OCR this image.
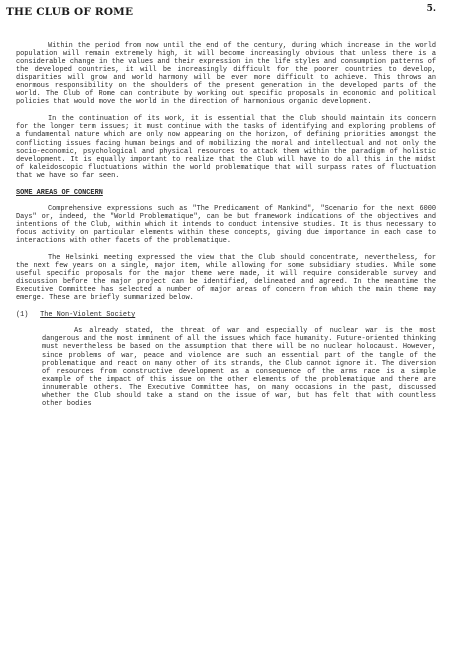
THE CLUB OF ROME	5.

Within the period from now until the end of the century, during which increase in the world population will remain extremely high, it will become increasingly obvious that unless there is a considerable change in the values and their expression in the life styles and consumption patterns of the developed countries, it will be increasingly difficult for the poorer countries to develop, disparities will grow and world harmony will be ever more difficult to achieve. This throws an enormous responsibility on the shoulders of the present generation in the developed parts of the world. The Club of Rome can contribute by working out specific proposals in economic and political policies that would move the world in the direction of harmonious organic development.

In the continuation of its work, it is essential that the Club should maintain its concern for the longer term issues; it must continue with the tasks of identifying and exploring problems of a fundamental nature which are only now appearing on the horizon, of defining priorities amongst the conflicting issues facing human beings and of mobilizing the moral and intellectual and not only the socio-economic, psychological and physical resources to attack them within the paradigm of holistic development. It is equally important to realize that the Club will have to do all this in the midst of kaleidoscopic fluctuations within the world problematique that will surpass rates of fluctuation that we have so far seen.

SOME AREAS OF CONCERN

Comprehensive expressions such as "The Predicament of Mankind", "Scenario for the next 6000 Days" or, indeed, the "World Problematique", can be but framework indications of the objectives and intentions of the Club, within which it intends to conduct intensive studies. It is thus necessary to focus activity on particular elements within these concepts, giving due importance in each case to interactions with other facets of the problematique.

The Helsinki meeting expressed the view that the Club should concentrate, nevertheless, for the next few years on a single, major item, while allowing for some subsidiary studies. While some useful specific proposals for the major theme were made, it will require considerable survey and discussion before the major project can be identified, delineated and agreed. In the meantime the Executive Committee has selected a number of major areas of concern from which the main theme may emerge. These are briefly summarized below.

(1) The Non-Violent Society

As already stated, the threat of war and especially of nuclear war is the most dangerous and the most imminent of all the issues which face humanity. Future-oriented thinking must nevertheless be based on the assumption that there will be no nuclear holocaust. However, since problems of war, peace and violence are such an essential part of the tangle of the problematique and react on many other of its strands, the Club cannot ignore it. The diversion of resources from constructive development as a consequence of the arms race is a simple example of the impact of this issue on the other elements of the problematique and there are innumerable others. The Executive Committee has, on many occasions in the past, discussed whether the Club should take a stand on the issue of war, but has felt that with countless other bodies
